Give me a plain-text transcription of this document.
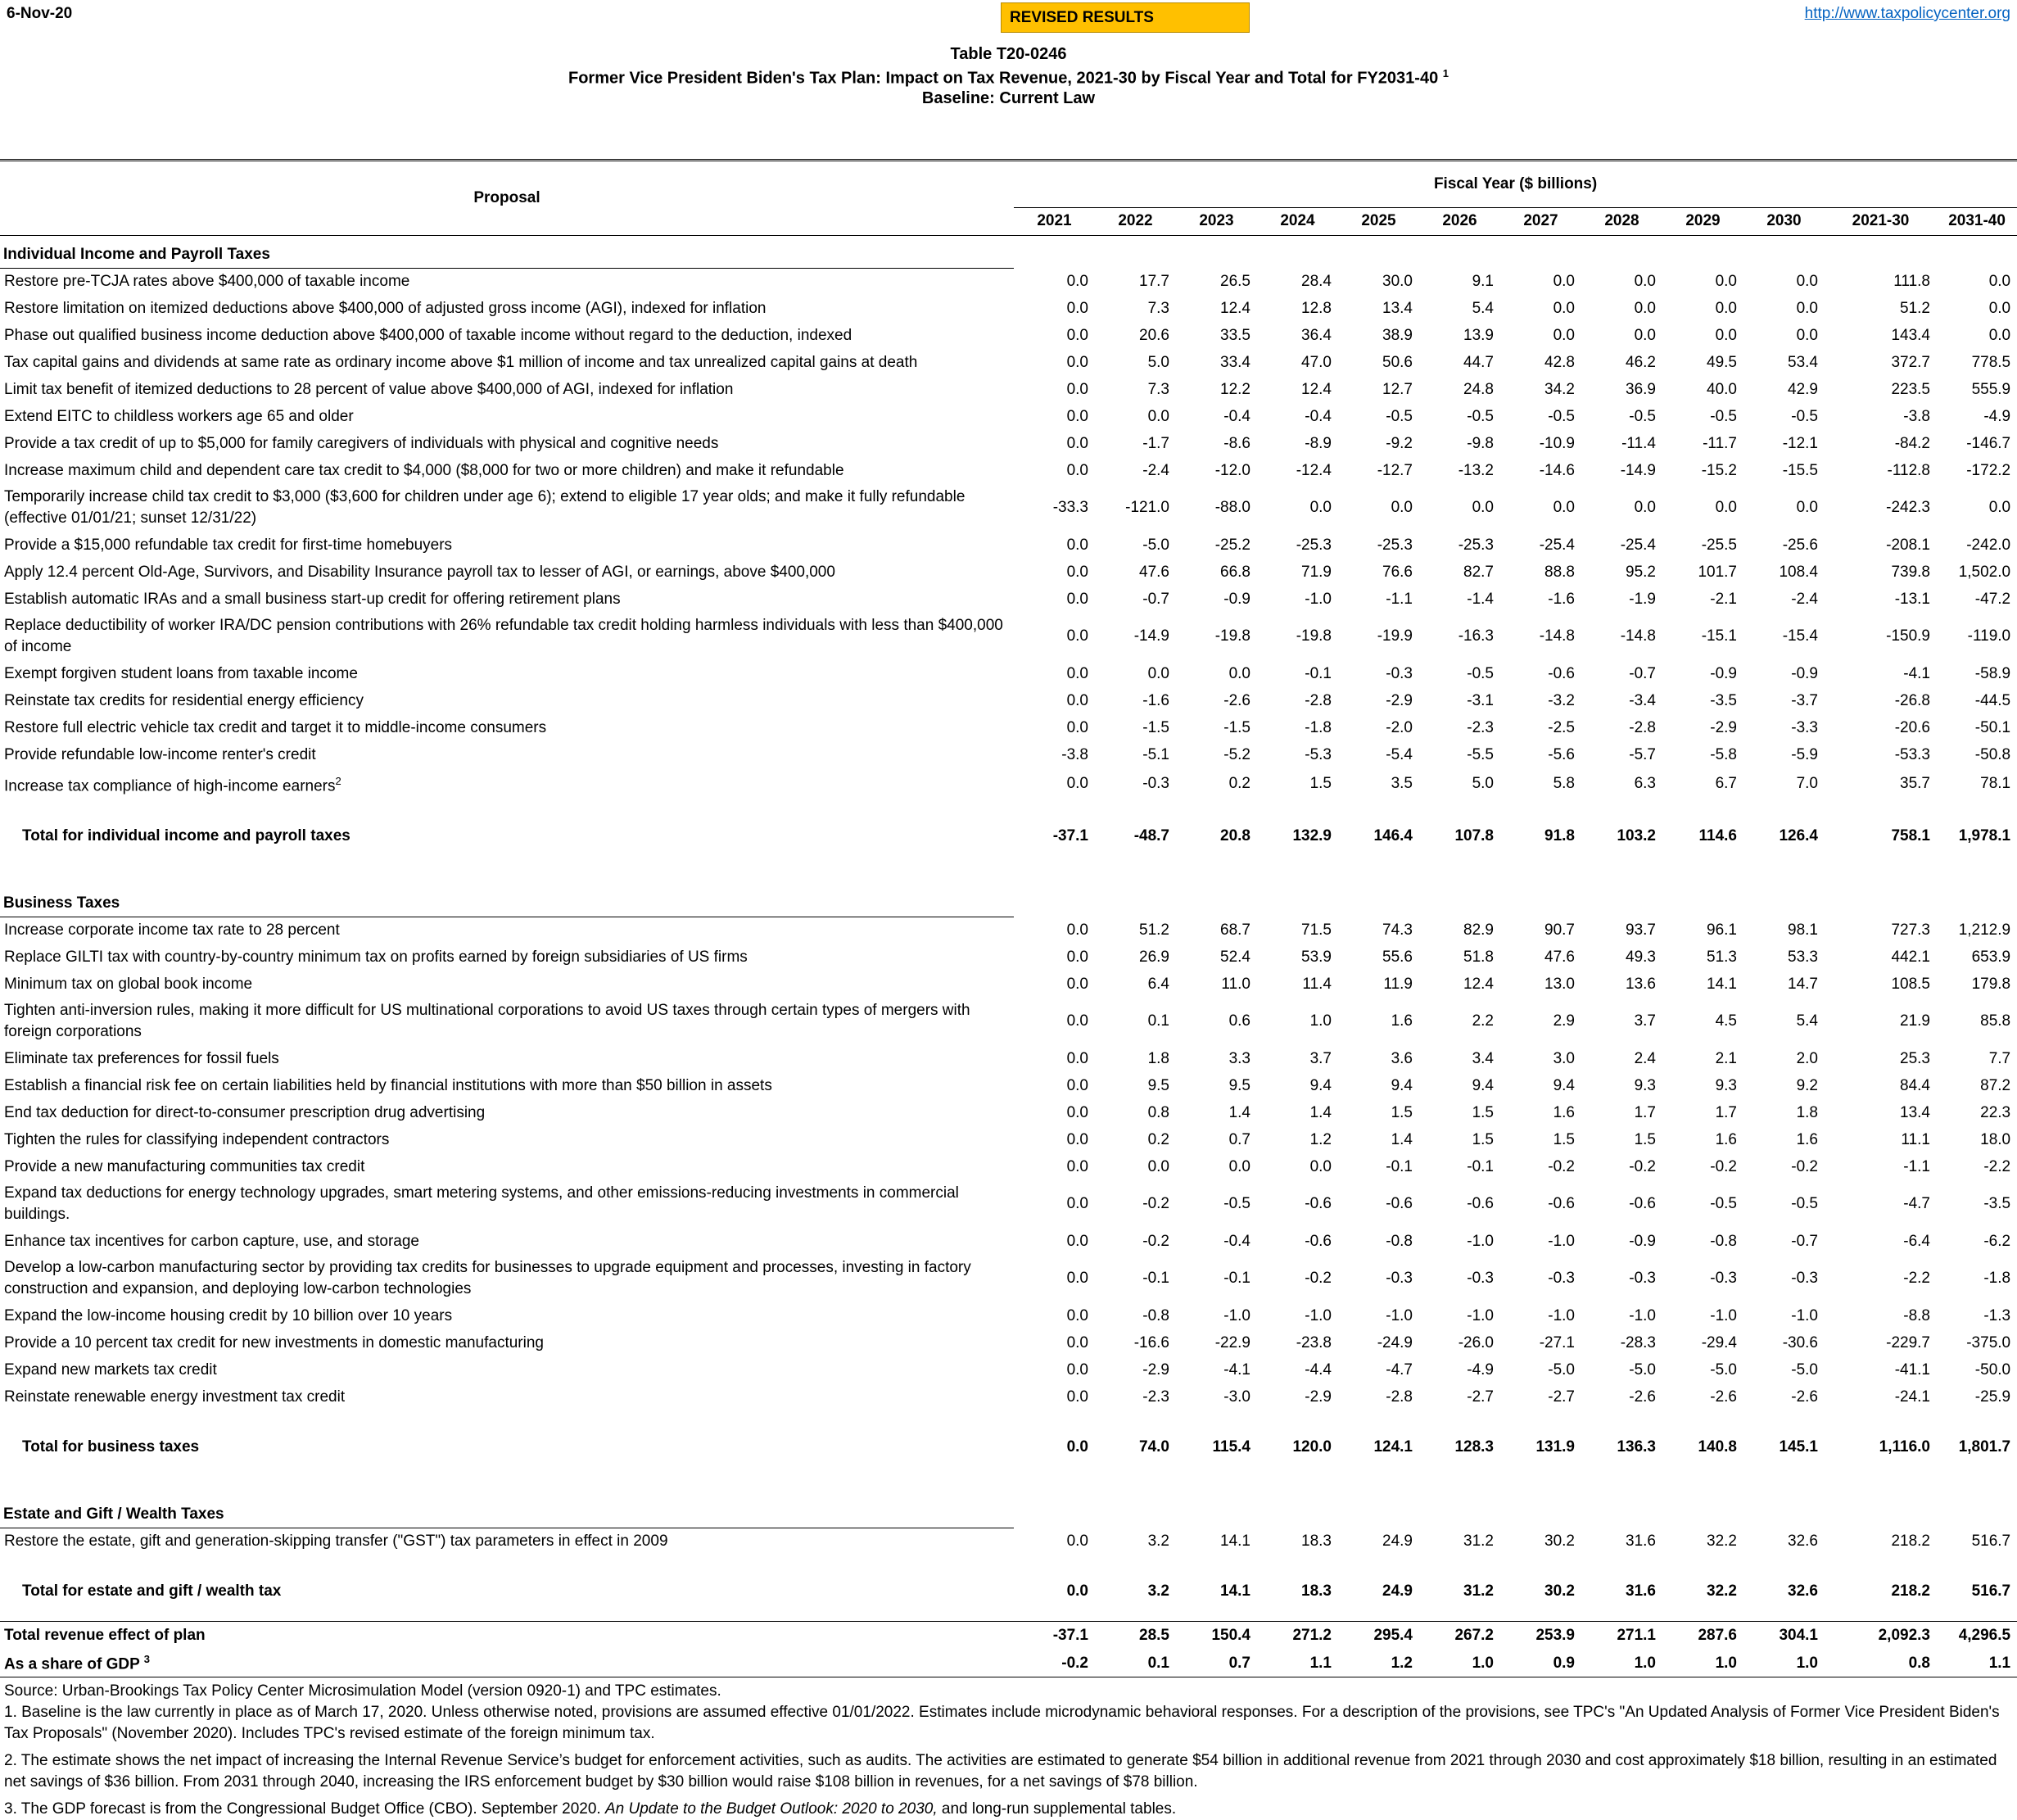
6-Nov-20	REVISED RESULTS	http://www.taxpolicycenter.org
Table T20-0246
Former Vice President Biden's Tax Plan: Impact on Tax Revenue, 2021-30 by Fiscal Year and Total for FY2031-40 $^1$
Baseline: Current Law
Proposal	Fiscal Year ($ billions)											
	2021	2022	2023	2024	2025	2026	2027	2028	2029	2030	2021-30	2031-40
Individual Income and Payroll Taxes												
Restore pre-TCJA rates above $400,000 of taxable income	0.0	17.7	26.5	28.4	30.0	9.1	0.0	0.0	0.0	0.0	111.8	0.0
Restore limitation on itemized deductions above $400,000 of adjusted gross income (AGI), indexed for inflation	0.0	7.3	12.4	12.8	13.4	5.4	0.0	0.0	0.0	0.0	51.2	0.0
Phase out qualified business income deduction above $400,000 of taxable income without regard to the deduction, indexed	0.0	20.6	33.5	36.4	38.9	13.9	0.0	0.0	0.0	0.0	143.4	0.0
Tax capital gains and dividends at same rate as ordinary income above $1 million of income and tax unrealized capital gains at death	0.0	5.0	33.4	47.0	50.6	44.7	42.8	46.2	49.5	53.4	372.7	778.5
Limit tax benefit of itemized deductions to 28 percent of value above $400,000 of AGI, indexed for inflation	0.0	7.3	12.2	12.4	12.7	24.8	34.2	36.9	40.0	42.9	223.5	555.9
Extend EITC to childless workers age 65 and older	0.0	0.0	-0.4	-0.4	-0.5	-0.5	-0.5	-0.5	-0.5	-0.5	-3.8	-4.9
Provide a tax credit of up to $5,000 for family caregivers of individuals with physical and cognitive needs	0.0	-1.7	-8.6	-8.9	-9.2	-9.8	-10.9	-11.4	-11.7	-12.1	-84.2	-146.7
Increase maximum child and dependent care tax credit to $4,000 ($8,000 for two or more children) and make it refundable	0.0	-2.4	-12.0	-12.4	-12.7	-13.2	-14.6	-14.9	-15.2	-15.5	-112.8	-172.2
Temporarily increase child tax credit to $3,000 ($3,600 for children under age 6); extend to eligible 17 year olds; and make it fully refundable (effective 01/01/21; sunset 12/31/22)	-33.3	-121.0	-88.0	0.0	0.0	0.0	0.0	0.0	0.0	0.0	-242.3	0.0
Provide a $15,000 refundable tax credit for first-time homebuyers	0.0	-5.0	-25.2	-25.3	-25.3	-25.3	-25.4	-25.4	-25.5	-25.6	-208.1	-242.0
Apply 12.4 percent Old-Age, Survivors, and Disability Insurance payroll tax to lesser of AGI, or earnings, above $400,000	0.0	47.6	66.8	71.9	76.6	82.7	88.8	95.2	101.7	108.4	739.8	1,502.0
Establish automatic IRAs and a small business start-up credit for offering retirement plans	0.0	-0.7	-0.9	-1.0	-1.1	-1.4	-1.6	-1.9	-2.1	-2.4	-13.1	-47.2
Replace deductibility of worker IRA/DC pension contributions with 26% refundable tax credit holding harmless individuals with less than $400,000 of income	0.0	-14.9	-19.8	-19.8	-19.9	-16.3	-14.8	-14.8	-15.1	-15.4	-150.9	-119.0
Exempt forgiven student loans from taxable income	0.0	0.0	0.0	-0.1	-0.3	-0.5	-0.6	-0.7	-0.9	-0.9	-4.1	-58.9
Reinstate tax credits for residential energy efficiency	0.0	-1.6	-2.6	-2.8	-2.9	-3.1	-3.2	-3.4	-3.5	-3.7	-26.8	-44.5
Restore full electric vehicle tax credit and target it to middle-income consumers	0.0	-1.5	-1.5	-1.8	-2.0	-2.3	-2.5	-2.8	-2.9	-3.3	-20.6	-50.1
Provide refundable low-income renter's credit	-3.8	-5.1	-5.2	-5.3	-5.4	-5.5	-5.6	-5.7	-5.8	-5.9	-53.3	-50.8
Increase tax compliance of high-income earners$^2$	0.0	-0.3	0.2	1.5	3.5	5.0	5.8	6.3	6.7	7.0	35.7	78.1

Total for individual income and payroll taxes	-37.1	-48.7	20.8	132.9	146.4	107.8	91.8	103.2	114.6	126.4	758.1	1,978.1

Business Taxes												
Increase corporate income tax rate to 28 percent	0.0	51.2	68.7	71.5	74.3	82.9	90.7	93.7	96.1	98.1	727.3	1,212.9
Replace GILTI tax with country-by-country minimum tax on profits earned by foreign subsidiaries of US firms	0.0	26.9	52.4	53.9	55.6	51.8	47.6	49.3	51.3	53.3	442.1	653.9
Minimum tax on global book income	0.0	6.4	11.0	11.4	11.9	12.4	13.0	13.6	14.1	14.7	108.5	179.8
Tighten anti-inversion rules, making it more difficult for US multinational corporations to avoid US taxes through certain types of mergers with foreign corporations	0.0	0.1	0.6	1.0	1.6	2.2	2.9	3.7	4.5	5.4	21.9	85.8
Eliminate tax preferences for fossil fuels	0.0	1.8	3.3	3.7	3.6	3.4	3.0	2.4	2.1	2.0	25.3	7.7
Establish a financial risk fee on certain liabilities held by financial institutions with more than $50 billion in assets	0.0	9.5	9.5	9.4	9.4	9.4	9.4	9.3	9.3	9.2	84.4	87.2
End tax deduction for direct-to-consumer prescription drug advertising	0.0	0.8	1.4	1.4	1.5	1.5	1.6	1.7	1.7	1.8	13.4	22.3
Tighten the rules for classifying independent contractors	0.0	0.2	0.7	1.2	1.4	1.5	1.5	1.5	1.6	1.6	11.1	18.0
Provide a new manufacturing communities tax credit	0.0	0.0	0.0	0.0	-0.1	-0.1	-0.2	-0.2	-0.2	-0.2	-1.1	-2.2
Expand tax deductions for energy technology upgrades, smart metering systems, and other emissions-reducing investments in commercial buildings.	0.0	-0.2	-0.5	-0.6	-0.6	-0.6	-0.6	-0.6	-0.5	-0.5	-4.7	-3.5
Enhance tax incentives for carbon capture, use, and storage	0.0	-0.2	-0.4	-0.6	-0.8	-1.0	-1.0	-0.9	-0.8	-0.7	-6.4	-6.2
Develop a low-carbon manufacturing sector by providing tax credits for businesses to upgrade equipment and processes, investing in factory construction and expansion, and deploying low-carbon technologies	0.0	-0.1	-0.1	-0.2	-0.3	-0.3	-0.3	-0.3	-0.3	-0.3	-2.2	-1.8
Expand the low-income housing credit by 10 billion over 10 years	0.0	-0.8	-1.0	-1.0	-1.0	-1.0	-1.0	-1.0	-1.0	-1.0	-8.8	-1.3
Provide a 10 percent tax credit for new investments in domestic manufacturing	0.0	-16.6	-22.9	-23.8	-24.9	-26.0	-27.1	-28.3	-29.4	-30.6	-229.7	-375.0
Expand new markets tax credit	0.0	-2.9	-4.1	-4.4	-4.7	-4.9	-5.0	-5.0	-5.0	-5.0	-41.1	-50.0
Reinstate renewable energy investment tax credit	0.0	-2.3	-3.0	-2.9	-2.8	-2.7	-2.7	-2.6	-2.6	-2.6	-24.1	-25.9

Total for business taxes	0.0	74.0	115.4	120.0	124.1	128.3	131.9	136.3	140.8	145.1	1,116.0	1,801.7

Estate and Gift / Wealth Taxes												
Restore the estate, gift and generation-skipping transfer ("GST") tax parameters in effect in 2009	0.0	3.2	14.1	18.3	24.9	31.2	30.2	31.6	32.2	32.6	218.2	516.7

Total for estate and gift / wealth tax	0.0	3.2	14.1	18.3	24.9	31.2	30.2	31.6	32.2	32.6	218.2	516.7

Total revenue effect of plan	-37.1	28.5	150.4	271.2	295.4	267.2	253.9	271.1	287.6	304.1	2,092.3	4,296.5
As a share of GDP $^3$	-0.2	0.1	0.7	1.1	1.2	1.0	0.9	1.0	1.0	1.0	0.8	1.1
Source: Urban-Brookings Tax Policy Center Microsimulation Model (version 0920-1) and TPC estimates.
1. Baseline is the law currently in place as of March 17, 2020. Unless otherwise noted, provisions are assumed effective 01/01/2022. Estimates include microdynamic behavioral responses. For a description of the provisions, see TPC's "An Updated Analysis of Former Vice President Biden's Tax Proposals" (November 2020). Includes TPC's revised estimate of the foreign minimum tax.

2. The estimate shows the net impact of increasing the Internal Revenue Service’s budget for enforcement activities, such as audits. The activities are estimated to generate $54 billion in additional revenue from 2021 through 2030 and cost approximately $18 billion, resulting in an estimated net savings of $36 billion. From 2031 through 2040, increasing the IRS enforcement budget by $30 billion would raise $108 billion in revenues, for a net savings of $78 billion.

3. The GDP forecast is from the Congressional Budget Office (CBO). September 2020. An Update to the Budget Outlook: 2020 to 2030, and long-run supplemental tables.
